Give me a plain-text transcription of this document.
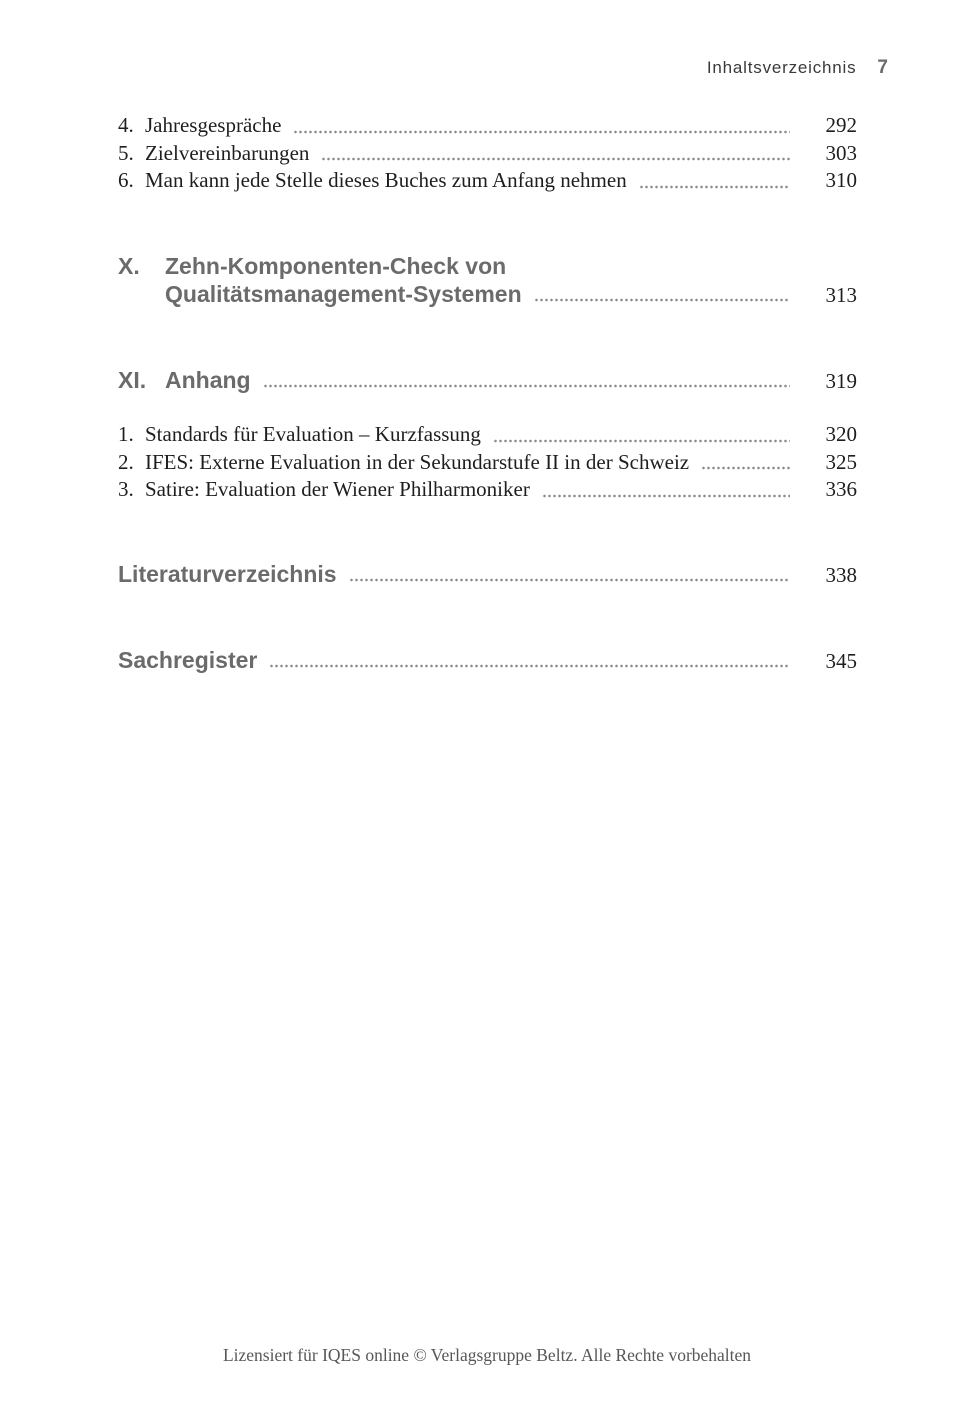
Inhaltsverzeichnis 7
4. Jahresgespräche	292
5. Zielvereinbarungen	303
6. Man kann jede Stelle dieses Buches zum Anfang nehmen	310
X.	Zehn-Komponenten-Check von
Qualitätsmanagement-Systemen	313
XI. Anhang	319
1. Standards für Evaluation – Kurzfassung	320
2. IFES: Externe Evaluation in der Sekundarstufe II in der Schweiz	325
3. Satire: Evaluation der Wiener Philharmoniker	336
Literaturverzeichnis	338
Sachregister	345
Lizensiert für IQES online © Verlagsgruppe Beltz. Alle Rechte vorbehalten
